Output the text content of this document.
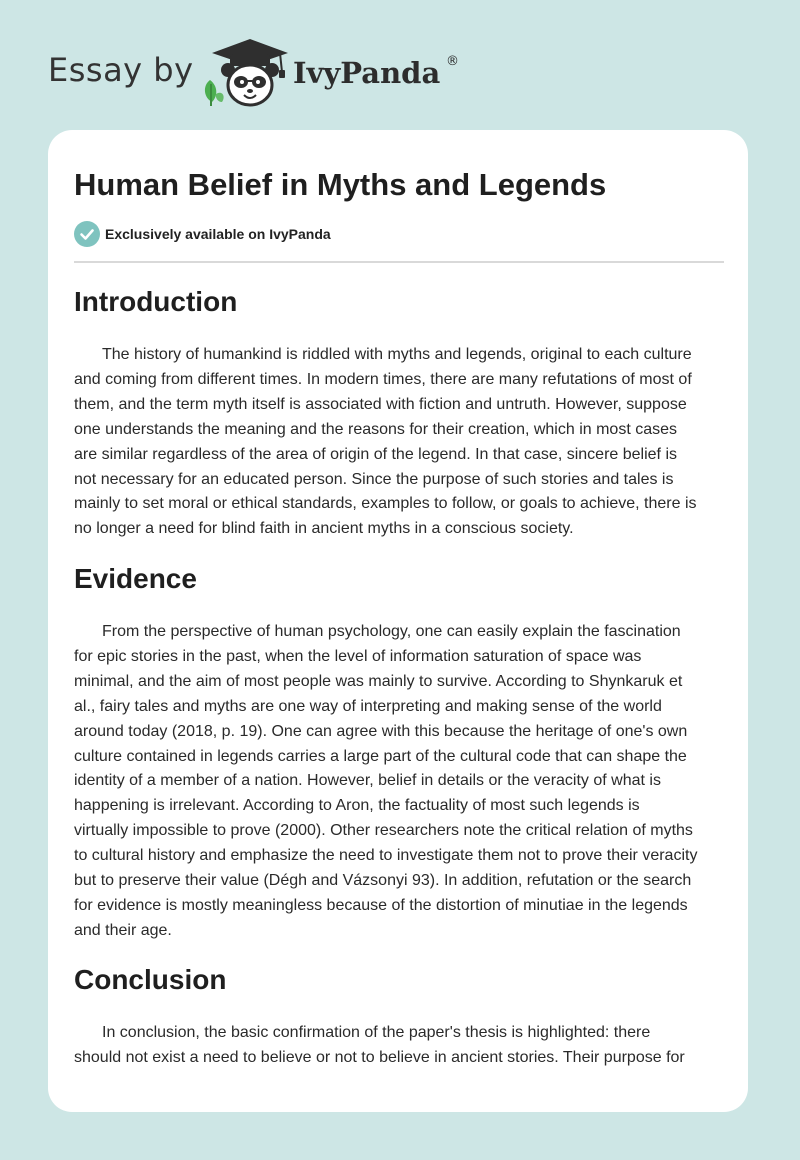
Essay by	IvyPanda ®
Human Belief in Myths and Legends
Exclusively available on IvyPanda
Introduction

The history of humankind is riddled with myths and legends, original to each culture
and coming from different times. In modern times, there are many refutations of most of
them, and the term myth itself is associated with fiction and untruth. However, suppose
one understands the meaning and the reasons for their creation, which in most cases
are similar regardless of the area of origin of the legend. In that case, sincere belief is
not necessary for an educated person. Since the purpose of such stories and tales is
mainly to set moral or ethical standards, examples to follow, or goals to achieve, there is
no longer a need for blind faith in ancient myths in a conscious society.

Evidence

From the perspective of human psychology, one can easily explain the fascination
for epic stories in the past, when the level of information saturation of space was
minimal, and the aim of most people was mainly to survive. According to Shynkaruk et
al., fairy tales and myths are one way of interpreting and making sense of the world
around today (2018, p. 19). One can agree with this because the heritage of one's own
culture contained in legends carries a large part of the cultural code that can shape the
identity of a member of a nation. However, belief in details or the veracity of what is
happening is irrelevant. According to Aron, the factuality of most such legends is
virtually impossible to prove (2000). Other researchers note the critical relation of myths
to cultural history and emphasize the need to investigate them not to prove their veracity
but to preserve their value (Dégh and Vázsonyi 93). In addition, refutation or the search
for evidence is mostly meaningless because of the distortion of minutiae in the legends
and their age.

Conclusion

In conclusion, the basic confirmation of the paper's thesis is highlighted: there
should not exist a need to believe or not to believe in ancient stories. Their purpose for
